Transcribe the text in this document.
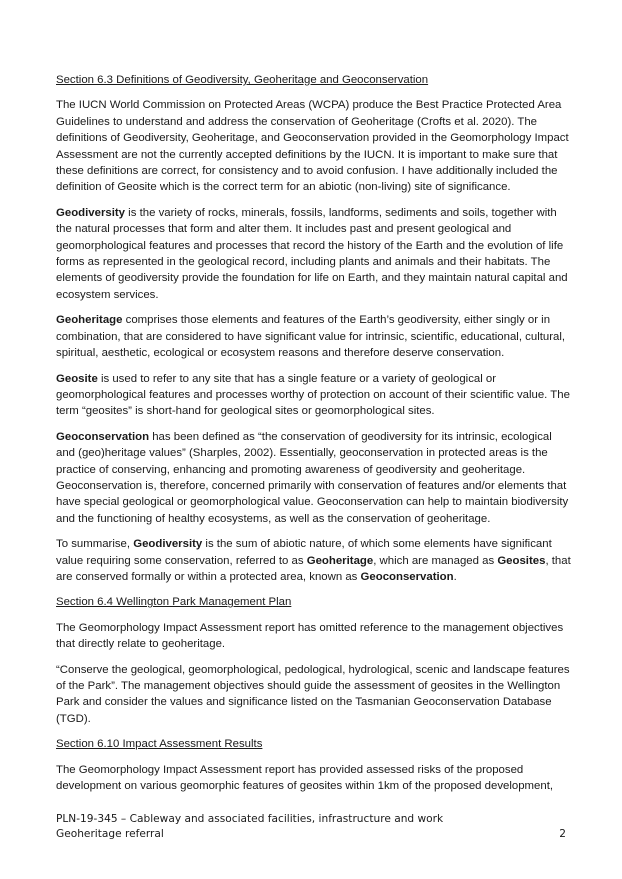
Section 6.3 Definitions of Geodiversity, Geoheritage and Geoconservation

The IUCN World Commission on Protected Areas (WCPA) produce the Best Practice Protected Area Guidelines to understand and address the conservation of Geoheritage (Crofts et al. 2020). The definitions of Geodiversity, Geoheritage, and Geoconservation provided in the Geomorphology Impact Assessment are not the currently accepted definitions by the IUCN. It is important to make sure that these definitions are correct, for consistency and to avoid confusion. I have additionally included the definition of Geosite which is the correct term for an abiotic (non-living) site of significance.

Geodiversity is the variety of rocks, minerals, fossils, landforms, sediments and soils, together with the natural processes that form and alter them. It includes past and present geological and geomorphological features and processes that record the history of the Earth and the evolution of life forms as represented in the geological record, including plants and animals and their habitats. The elements of geodiversity provide the foundation for life on Earth, and they maintain natural capital and ecosystem services.

Geoheritage comprises those elements and features of the Earth’s geodiversity, either singly or in combination, that are considered to have significant value for intrinsic, scientific, educational, cultural, spiritual, aesthetic, ecological or ecosystem reasons and therefore deserve conservation.

Geosite is used to refer to any site that has a single feature or a variety of geological or geomorphological features and processes worthy of protection on account of their scientific value. The term “geosites” is short-hand for geological sites or geomorphological sites.

Geoconservation has been defined as “the conservation of geodiversity for its intrinsic, ecological and (geo)heritage values” (Sharples, 2002). Essentially, geoconservation in protected areas is the practice of conserving, enhancing and promoting awareness of geodiversity and geoheritage. Geoconservation is, therefore, concerned primarily with conservation of features and/or elements that have special geological or geomorphological value. Geoconservation can help to maintain biodiversity and the functioning of healthy ecosystems, as well as the conservation of geoheritage.

To summarise, Geodiversity is the sum of abiotic nature, of which some elements have significant value requiring some conservation, referred to as Geoheritage, which are managed as Geosites, that are conserved formally or within a protected area, known as Geoconservation.

Section 6.4 Wellington Park Management Plan

The Geomorphology Impact Assessment report has omitted reference to the management objectives that directly relate to geoheritage.

“Conserve the geological, geomorphological, pedological, hydrological, scenic and landscape features of the Park”. The management objectives should guide the assessment of geosites in the Wellington Park and consider the values and significance listed on the Tasmanian Geoconservation Database (TGD).

Section 6.10 Impact Assessment Results

The Geomorphology Impact Assessment report has provided assessed risks of the proposed development on various geomorphic features of geosites within 1km of the proposed development,

PLN-19-345 – Cableway and associated facilities, infrastructure and work
Geoheritage referral	2
